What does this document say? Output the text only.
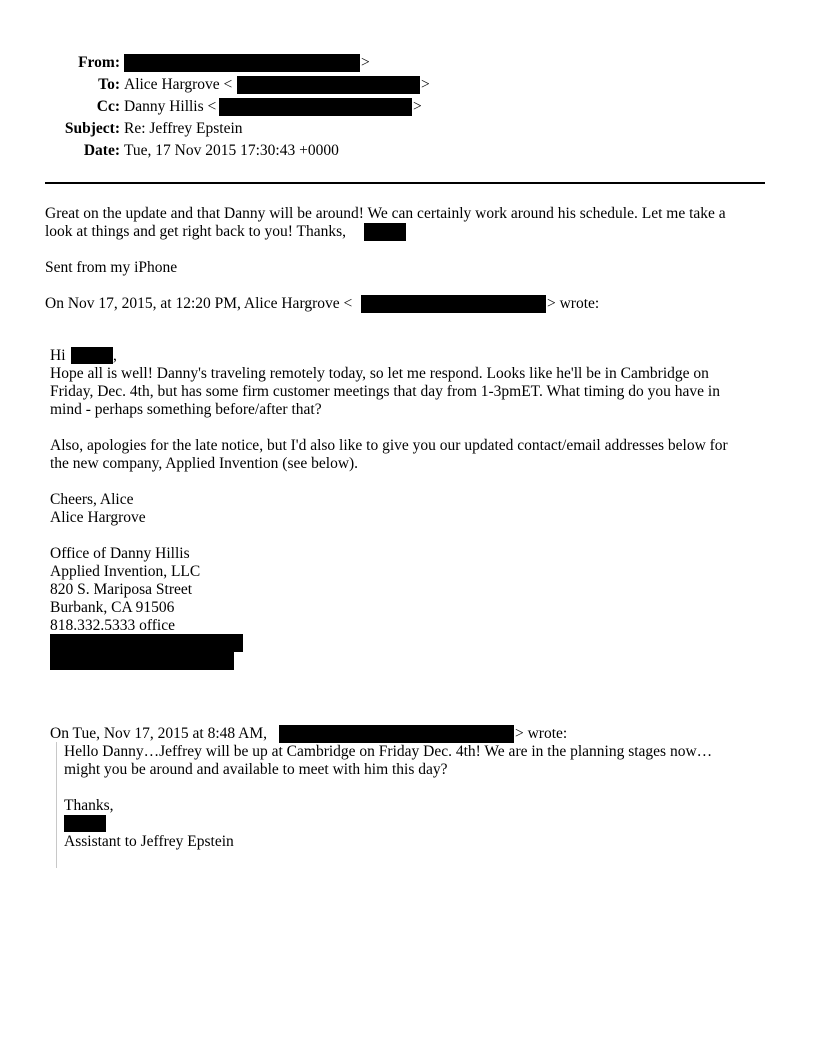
From:	>
To: Alice Hargrove <	>
Cc: Danny Hillis <	>
Subject: Re: Jeffrey Epstein
Date: Tue, 17 Nov 2015 17:30:43 +0000
Great on the update and that Danny will be around! We can certainly work around his schedule. Let me take a
look at things and get right back to you! Thanks,
Sent from my iPhone
On Nov 17, 2015, at 12:20 PM, Alice Hargrove <	> wrote:
Hi	,
Hope all is well! Danny's traveling remotely today, so let me respond. Looks like he'll be in Cambridge on
Friday, Dec. 4th, but has some firm customer meetings that day from 1-3pmET. What timing do you have in
mind - perhaps something before/after that?
Also, apologies for the late notice, but I'd also like to give you our updated contact/email addresses below for
the new company, Applied Invention (see below).
Cheers, Alice
Alice Hargrove
Office of Danny Hillis
Applied Invention, LLC
820 S. Mariposa Street
Burbank, CA 91506
818.332.5333 office
On Tue, Nov 17, 2015 at 8:48 AM,	> wrote:
Hello Danny…Jeffrey will be up at Cambridge on Friday Dec. 4th! We are in the planning stages now…
might you be around and available to meet with him this day?
Thanks,
Assistant to Jeffrey Epstein
